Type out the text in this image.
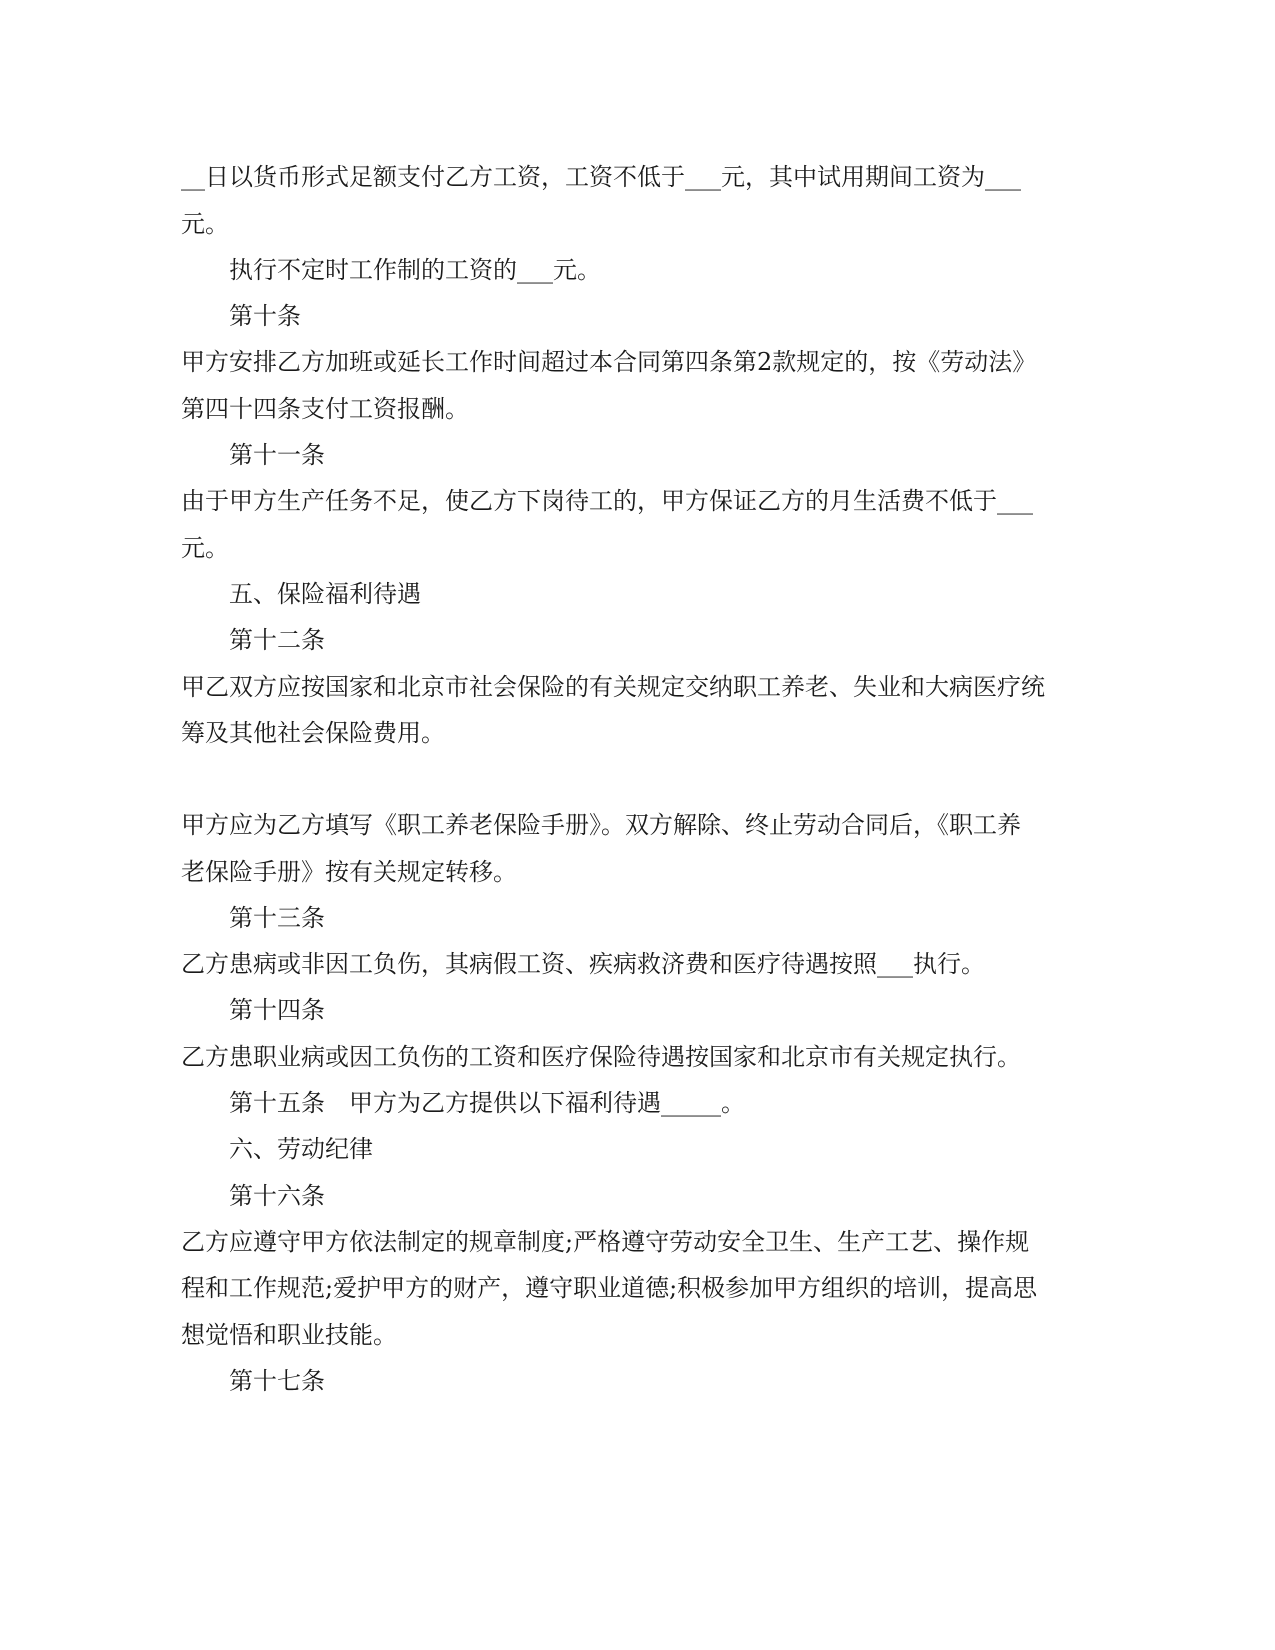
__日以货币形式足额支付乙方工资，工资不低于___元，其中试用期间工资为___
元。
执行不定时工作制的工资的___元。
第十条
甲方安排乙方加班或延长工作时间超过本合同第四条第2款规定的，按《劳动法》
第四十四条支付工资报酬。
第十一条
由于甲方生产任务不足，使乙方下岗待工的，甲方保证乙方的月生活费不低于___
元。
五、保险福利待遇
第十二条
甲乙双方应按国家和北京市社会保险的有关规定交纳职工养老、失业和大病医疗统
筹及其他社会保险费用。
甲方应为乙方填写《职工养老保险手册》。双方解除、终止劳动合同后，《职工养
老保险手册》按有关规定转移。
第十三条
乙方患病或非因工负伤，其病假工资、疾病救济费和医疗待遇按照___执行。
第十四条
乙方患职业病或因工负伤的工资和医疗保险待遇按国家和北京市有关规定执行。
第十五条　甲方为乙方提供以下福利待遇_____。
六、劳动纪律
第十六条
乙方应遵守甲方依法制定的规章制度;严格遵守劳动安全卫生、生产工艺、操作规
程和工作规范;爱护甲方的财产，遵守职业道德;积极参加甲方组织的培训，提高思
想觉悟和职业技能。
第十七条
